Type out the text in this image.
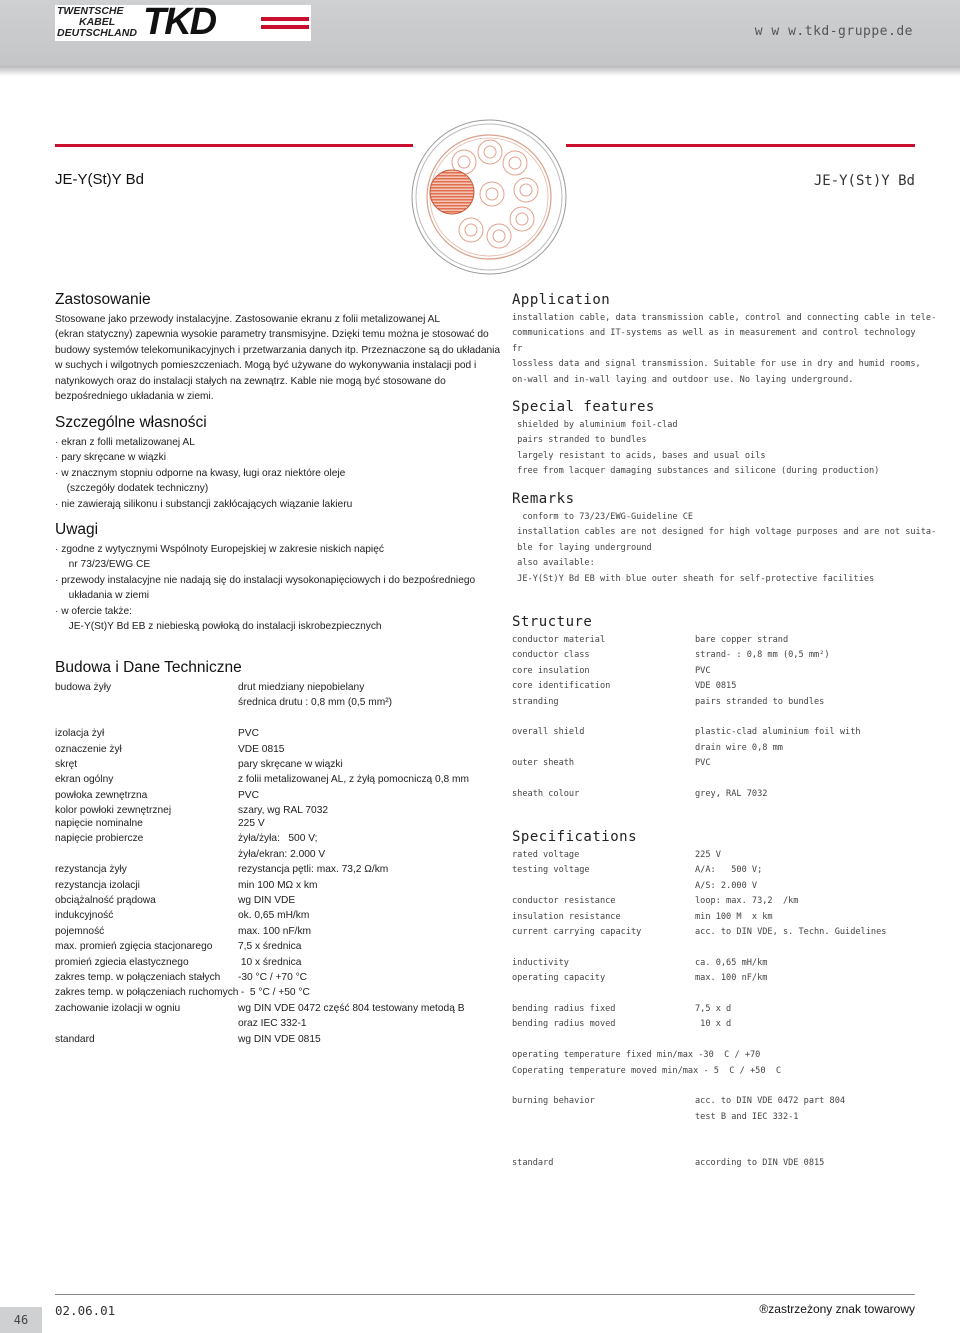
TWENTSCHE
KABEL
DEUTSCHLAND TKD	w w w.tkd-gruppe.de
JE-Y(St)Y Bd	JE-Y(St)Y Bd
Zastosowanie

Stosowane jako przewody instalacyjne. Zastosowanie ekranu z folii metalizowanej AL

(ekran statyczny) zapewnia wysokie parametry transmisyjne. Dzięki temu można je stosować do

budowy systemów telekomunikacyjnych i przetwarzania danych itp. Przeznaczone są do układania

w suchych i wilgotnych pomieszczeniach. Mogą być używane do wykonywania instalacji pod i

natynkowych oraz do instalacji stałych na zewnątrz. Kable nie mogą być stosowane do

bezpośredniego układania w ziemi.

Szczególne własności

· ekran z folli metalizowanej AL

· pary skręcane w wiązki

· w znacznym stopniu odporne na kwasy, ługi oraz niektóre oleje

(szczegóły dodatek techniczny)

· nie zawierają silikonu i substancji zakłócających wiązanie lakieru

Uwagi

· zgodne z wytycznymi Wspólnoty Europejskiej w zakresie niskich napięć

nr 73/23/EWG CE

· przewody instalacyjne nie nadają się do instalacji wysokonapięciowych i do bezpośredniego

układania w ziemi

· w ofercie także:

JE-Y(St)Y Bd EB z niebieską powłoką do instalacji iskrobezpiecznych

Budowa i Dane Techniczne
budowa żyły	drut miedziany niepobielany
średnica drutu : 0,8 mm (0,5 mm²)
izolacja żył	PVC
oznaczenie żył	VDE 0815
skręt	pary skręcane w wiązki
ekran ogólny	z folii metalizowanej AL, z żyłą pomocniczą 0,8 mm
powłoka zewnętrzna	PVC
kolor powłoki zewnętrznej	szary, wg RAL 7032
napięcie nominalne	225 V
napięcie probiercze	żyła/żyła:   500 V;
żyła/ekran: 2.000 V
rezystancja żyły	rezystancja pętli: max. 73,2 Ω/km
rezystancja izolacji	min 100 MΩ x km
obciążalność prądowa	wg DIN VDE
indukcyjność	ok. 0,65 mH/km
pojemność	max. 100 nF/km
max. promień zgięcia stacjonarego	7,5 x średnica
promień zgiecia elastycznego	10 x średnica
zakres temp. w połączeniach stałych	-30 °C / +70 °C
zakres temp. w połączeniach ruchomych -  5 °C / +50 °C
zachowanie izolacji w ogniu	wg DIN VDE 0472 część 804 testowany metodą B
oraz IEC 332-1
standard	wg DIN VDE 0815
Application

installation cable, data transmission cable, control and connecting cable in tele-

communications and IT-systems as well as in measurement and control technology

fr

lossless data and signal transmission. Suitable for use in dry and humid rooms,

on-wall and in-wall laying and outdoor use. No laying underground.

Special features

shielded by aluminium foil-clad

pairs stranded to bundles

largely resistant to acids, bases and usual oils

free from lacquer damaging substances and silicone (during production)

Remarks

conform to 73/23/EWG-Guideline CE

installation cables are not designed for high voltage purposes and are not suita-

ble for laying underground

also available:

JE-Y(St)Y Bd EB with blue outer sheath for self-protective facilities

Structure
conductor material	bare copper strand
conductor class	strand- : 0,8 mm (0,5 mm²)
core insulation	PVC
core identification	VDE 0815
stranding	pairs stranded to bundles
overall shield	plastic-clad aluminium foil with
drain wire 0,8 mm
outer sheath	PVC
sheath colour	grey, RAL 7032
Specifications
rated voltage	225 V
testing voltage	A/A:   500 V;
A/S: 2.000 V
conductor resistance	loop: max. 73,2  /km
insulation resistance	min 100 M  x km
current carrying capacity	acc. to DIN VDE, s. Techn. Guidelines
inductivity	ca. 0,65 mH/km
operating capacity	max. 100 nF/km
bending radius fixed	7,5 x d
bending radius moved	10 x d

operating temperature fixed min/max -30  C / +70

Coperating temperature moved min/max - 5  C / +50  C

burning behavior	acc. to DIN VDE 0472 part 804
test B and IEC 332-1
standard	according to DIN VDE 0815
46
02.06.01	®zastrzeżony znak towarowy
